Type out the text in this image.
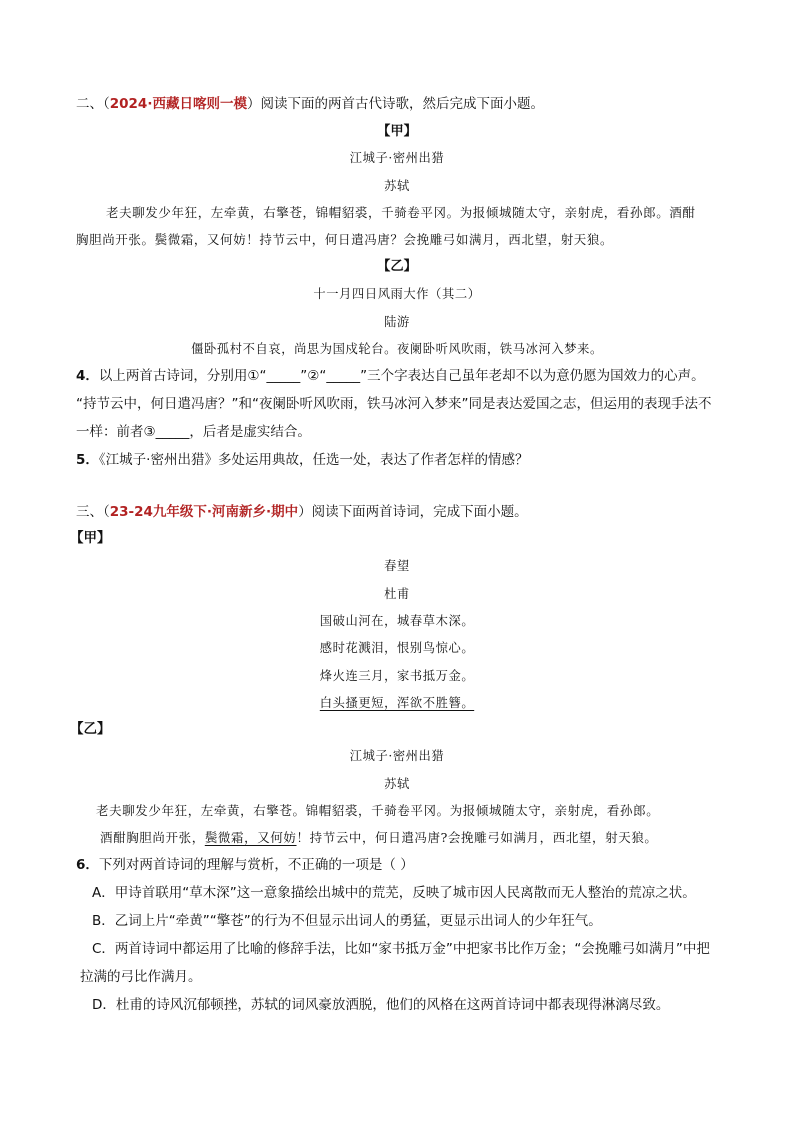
二、（2024·西藏日喀则一模）阅读下面的两首古代诗歌，然后完成下面小题。
【甲】
江城子·密州出猎
苏轼
老夫聊发少年狂，左牵黄，右擎苍，锦帽貂裘，千骑卷平冈。为报倾城随太守，亲射虎，看孙郎。酒酣
胸胆尚开张。鬓微霜，又何妨！持节云中，何日遣冯唐？会挽雕弓如满月，西北望，射天狼。
【乙】
十一月四日风雨大作（其二）
陆游
僵卧孤村不自哀，尚思为国戍轮台。夜阑卧听风吹雨，铁马冰河入梦来。
4．以上两首古诗词，分别用①“_____”②“_____”三个字表达自己虽年老却不以为意仍愿为国效力的心声。
“持节云中，何日遣冯唐？”和“夜阑卧听风吹雨，铁马冰河入梦来”同是表达爱国之志，但运用的表现手法不
一样：前者③_____，后者是虚实结合。
5．《江城子·密州出猎》多处运用典故，任选一处，表达了作者怎样的情感？
三、（23-24九年级下·河南新乡·期中）阅读下面两首诗词，完成下面小题。
【甲】
春望
杜甫
国破山河在，城春草木深。
感时花溅泪，恨别鸟惊心。
烽火连三月，家书抵万金。
白头搔更短，浑欲不胜簪。
【乙】
江城子·密州出猎
苏轼
老夫聊发少年狂，左牵黄，右擎苍。锦帽貂裘，千骑卷平冈。为报倾城随太守，亲射虎，看孙郎。
酒酣胸胆尚开张，鬓微霜，又何妨！持节云中，何日遣冯唐?会挽雕弓如满月，西北望，射天狼。
6．下列对两首诗词的理解与赏析，不正确的一项是（ ）
A．甲诗首联用“草木深”这一意象描绘出城中的荒芜，反映了城市因人民离散而无人整治的荒凉之状。
B．乙词上片“牵黄”“擎苍”的行为不但显示出词人的勇猛，更显示出词人的少年狂气。
C．两首诗词中都运用了比喻的修辞手法，比如“家书抵万金”中把家书比作万金；“会挽雕弓如满月”中把
拉满的弓比作满月。
D．杜甫的诗风沉郁顿挫，苏轼的词风豪放洒脱，他们的风格在这两首诗词中都表现得淋漓尽致。
